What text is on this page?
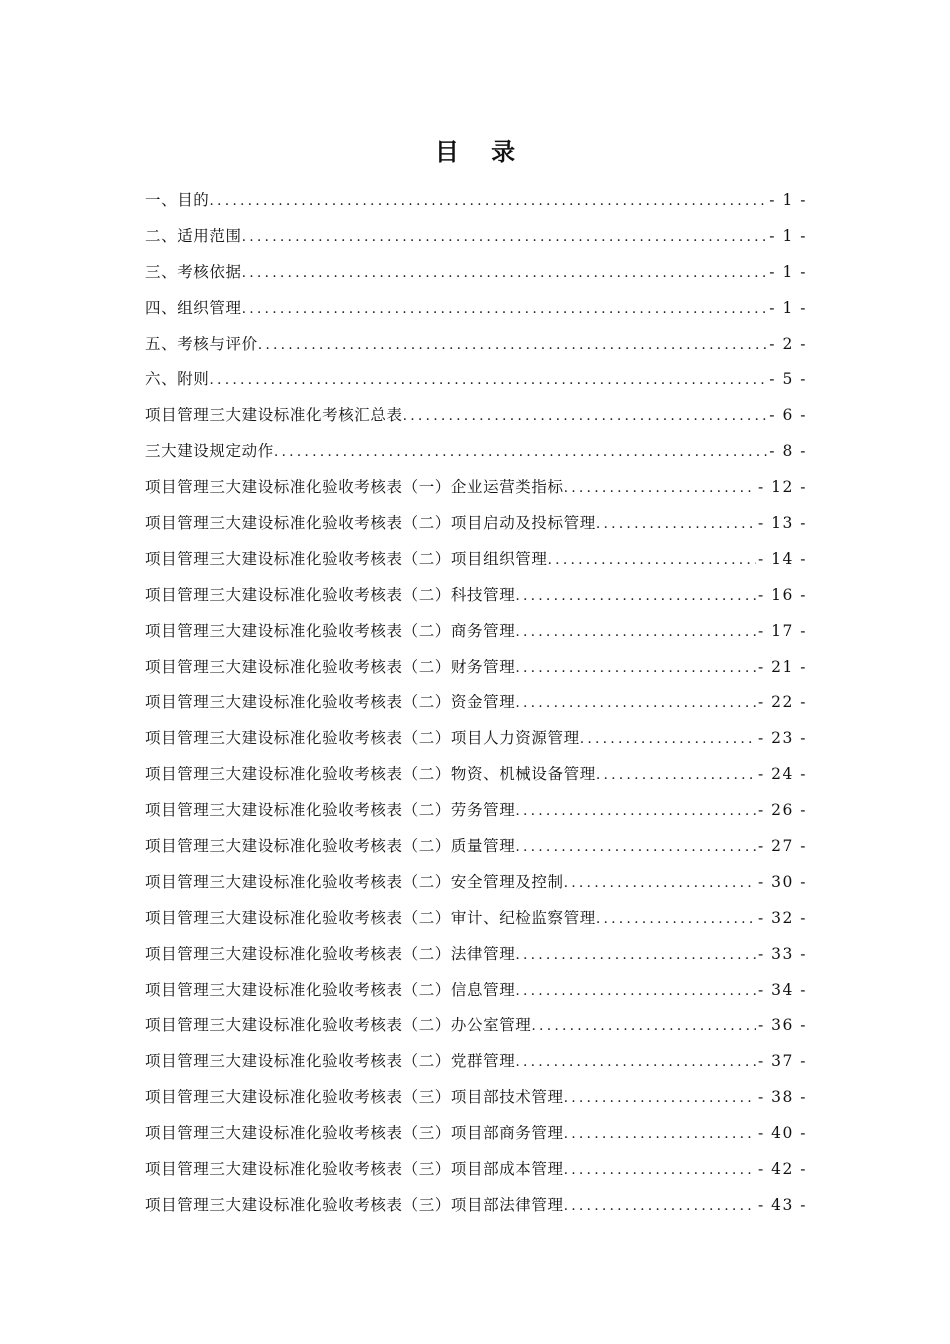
目 录
一、目的 .....	- 1 -
二、适用范围 .....	- 1 -
三、考核依据 .....	- 1 -
四、组织管理 .....	- 1 -
五、考核与评价 .....	- 2 -
六、附则 .....	- 5 -
项目管理三大建设标准化考核汇总表 .....	- 6 -
三大建设规定动作 .....	- 8 -
项目管理三大建设标准化验收考核表（一）企业运营类指标 .....	- 12 -
项目管理三大建设标准化验收考核表（二）项目启动及投标管理 .....	- 13 -
项目管理三大建设标准化验收考核表（二）项目组织管理 .....	- 14 -
项目管理三大建设标准化验收考核表（二）科技管理 .....	- 16 -
项目管理三大建设标准化验收考核表（二）商务管理 .....	- 17 -
项目管理三大建设标准化验收考核表（二）财务管理 .....	- 21 -
项目管理三大建设标准化验收考核表（二）资金管理 .....	- 22 -
项目管理三大建设标准化验收考核表（二）项目人力资源管理 .....	- 23 -
项目管理三大建设标准化验收考核表（二）物资、机械设备管理 .....	- 24 -
项目管理三大建设标准化验收考核表（二）劳务管理 .....	- 26 -
项目管理三大建设标准化验收考核表（二）质量管理 .....	- 27 -
项目管理三大建设标准化验收考核表（二）安全管理及控制 .....	- 30 -
项目管理三大建设标准化验收考核表（二）审计、纪检监察管理 .....	- 32 -
项目管理三大建设标准化验收考核表（二）法律管理 .....	- 33 -
项目管理三大建设标准化验收考核表（二）信息管理 .....	- 34 -
项目管理三大建设标准化验收考核表（二）办公室管理 .....	- 36 -
项目管理三大建设标准化验收考核表（二）党群管理 .....	- 37 -
项目管理三大建设标准化验收考核表（三）项目部技术管理 .....	- 38 -
项目管理三大建设标准化验收考核表（三）项目部商务管理 .....	- 40 -
项目管理三大建设标准化验收考核表（三）项目部成本管理 .....	- 42 -
项目管理三大建设标准化验收考核表（三）项目部法律管理 .....	- 43 -
